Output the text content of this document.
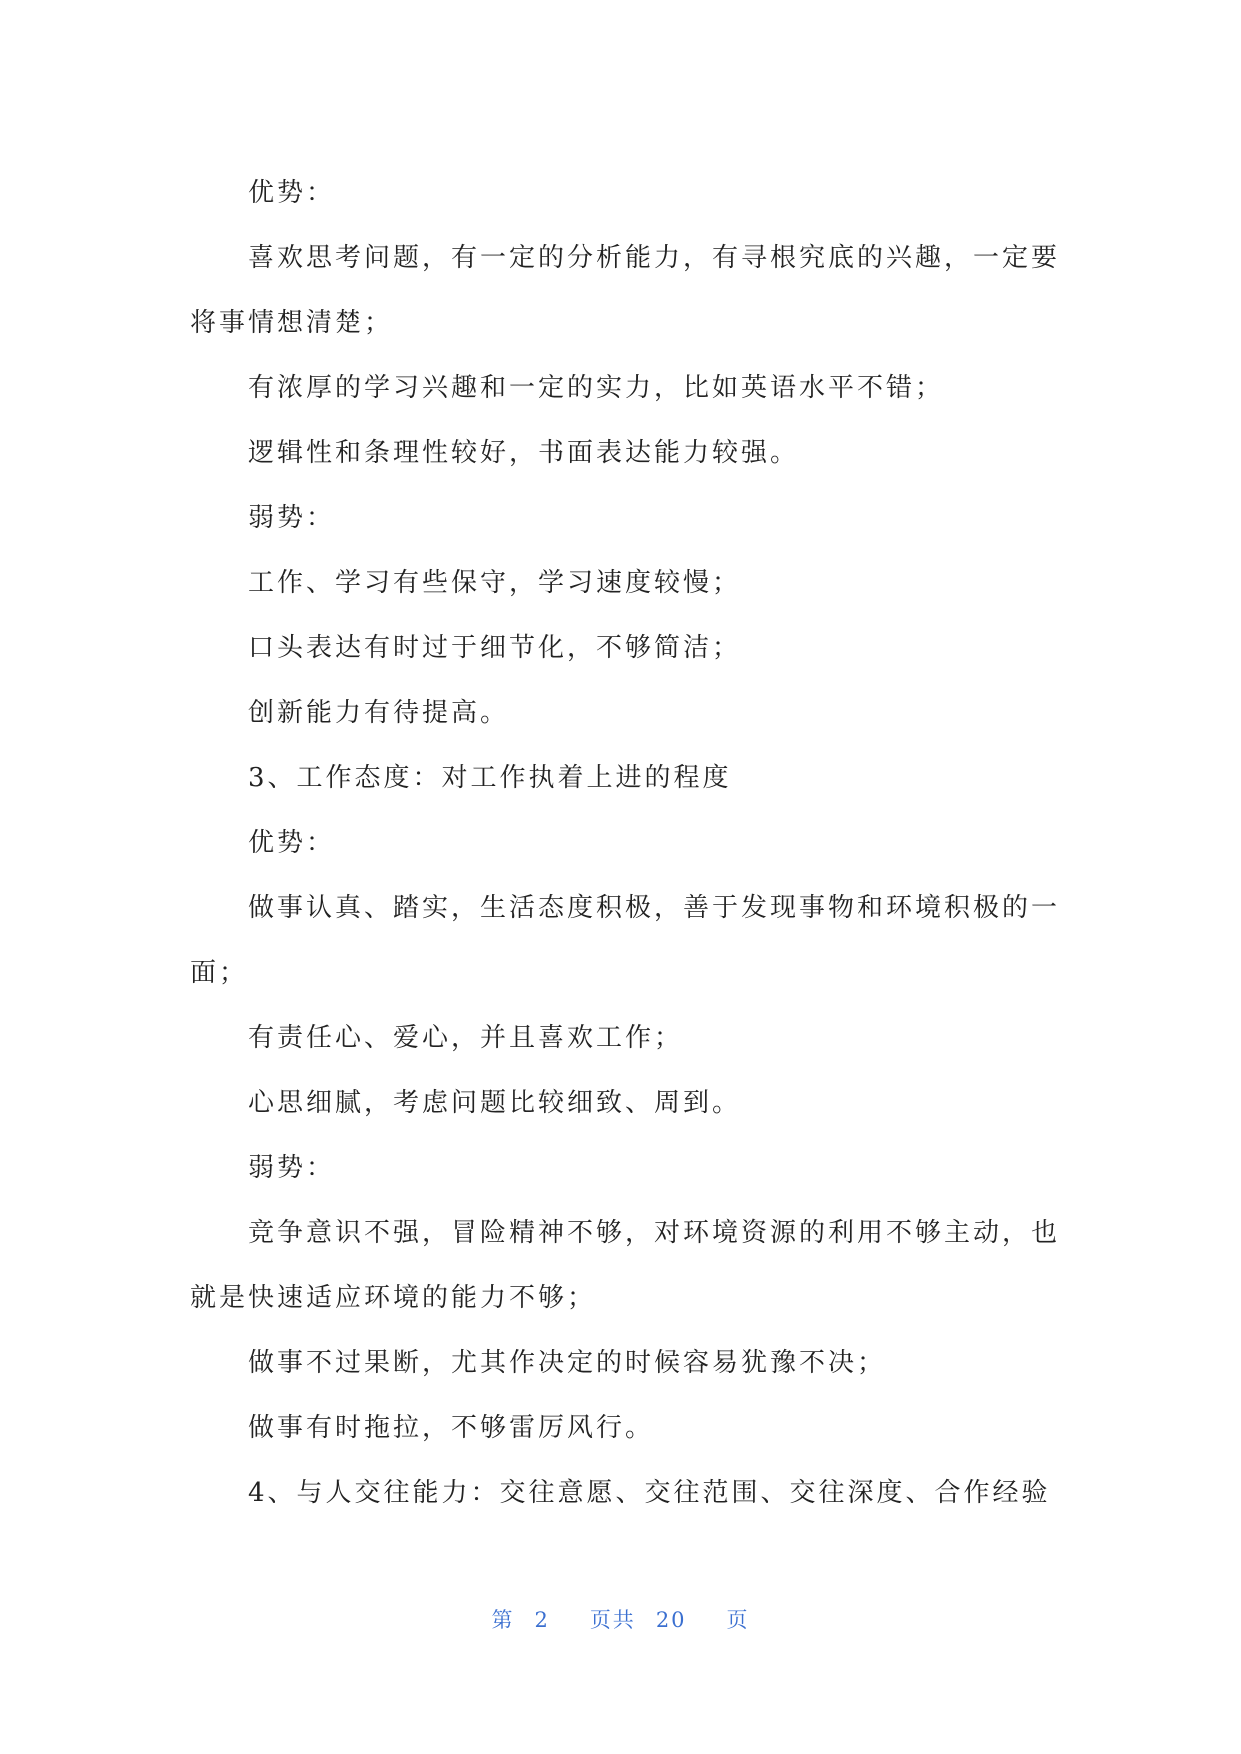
优势：

喜欢思考问题，有一定的分析能力，有寻根究底的兴趣，一定要将事情想清楚；

有浓厚的学习兴趣和一定的实力，比如英语水平不错；

逻辑性和条理性较好，书面表达能力较强。

弱势：

工作、学习有些保守，学习速度较慢；

口头表达有时过于细节化，不够简洁；

创新能力有待提高。

3、工作态度：对工作执着上进的程度

优势：

做事认真、踏实，生活态度积极，善于发现事物和环境积极的一面；

有责任心、爱心，并且喜欢工作；

心思细腻，考虑问题比较细致、周到。

弱势：

竞争意识不强，冒险精神不够，对环境资源的利用不够主动，也就是快速适应环境的能力不够；

做事不过果断，尤其作决定的时候容易犹豫不决；

做事有时拖拉，不够雷厉风行。

4、与人交往能力：交往意愿、交往范围、交往深度、合作经验

第 2 页共 20 页
